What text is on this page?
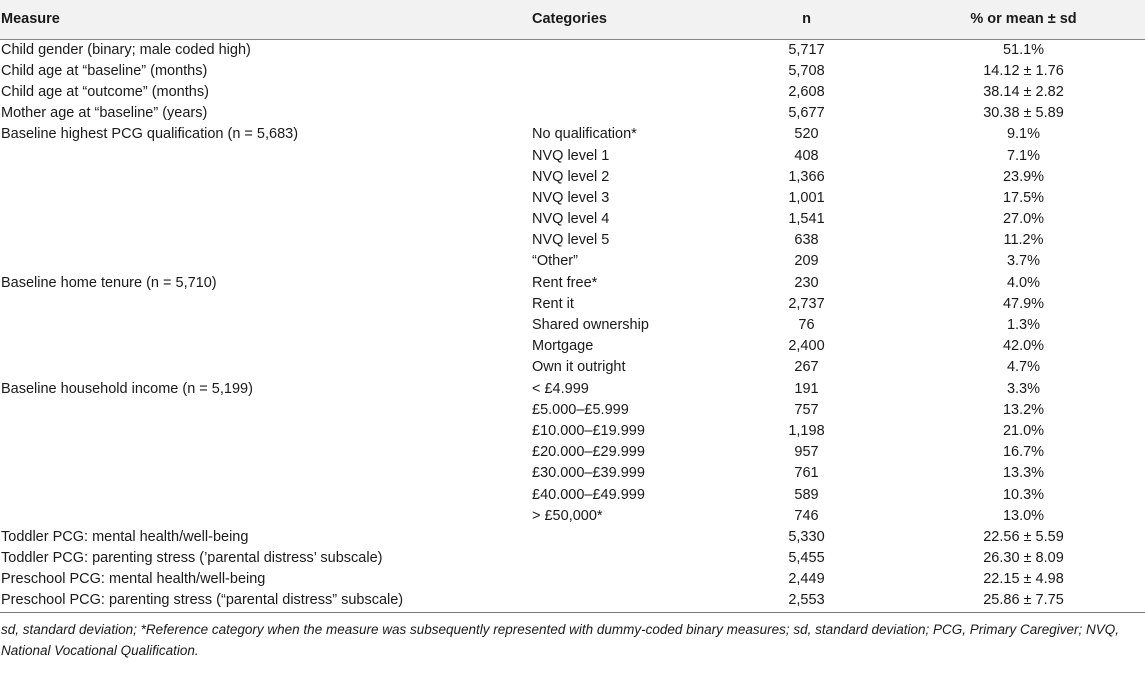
Measure	Categories	n	% or mean ± sd
Child gender (binary; male coded high)		5,717	51.1%
Child age at “baseline” (months)		5,708	14.12 ± 1.76
Child age at “outcome” (months)		2,608	38.14 ± 2.82
Mother age at “baseline” (years)		5,677	30.38 ± 5.89
Baseline highest PCG qualification (n = 5,683)	No qualification*	520	9.1%
	NVQ level 1	408	7.1%
	NVQ level 2	1,366	23.9%
	NVQ level 3	1,001	17.5%
	NVQ level 4	1,541	27.0%
	NVQ level 5	638	11.2%
	“Other”	209	3.7%
Baseline home tenure (n = 5,710)	Rent free*	230	4.0%
	Rent it	2,737	47.9%
	Shared ownership	76	1.3%
	Mortgage	2,400	42.0%
	Own it outright	267	4.7%
Baseline household income (n = 5,199)	< £4.999	191	3.3%
	£5.000–£5.999	757	13.2%
	£10.000–£19.999	1,198	21.0%
	£20.000–£29.999	957	16.7%
	£30.000–£39.999	761	13.3%
	£40.000–£49.999	589	10.3%
	> £50,000*	746	13.0%
Toddler PCG: mental health/well-being		5,330	22.56 ± 5.59
Toddler PCG: parenting stress (’parental distress’ subscale)		5,455	26.30 ± 8.09
Preschool PCG: mental health/well-being		2,449	22.15 ± 4.98
Preschool PCG: parenting stress (“parental distress” subscale)		2,553	25.86 ± 7.75
sd, standard deviation; *Reference category when the measure was subsequently represented with dummy-coded binary measures; sd, standard deviation; PCG, Primary Caregiver; NVQ, National Vocational Qualification.
